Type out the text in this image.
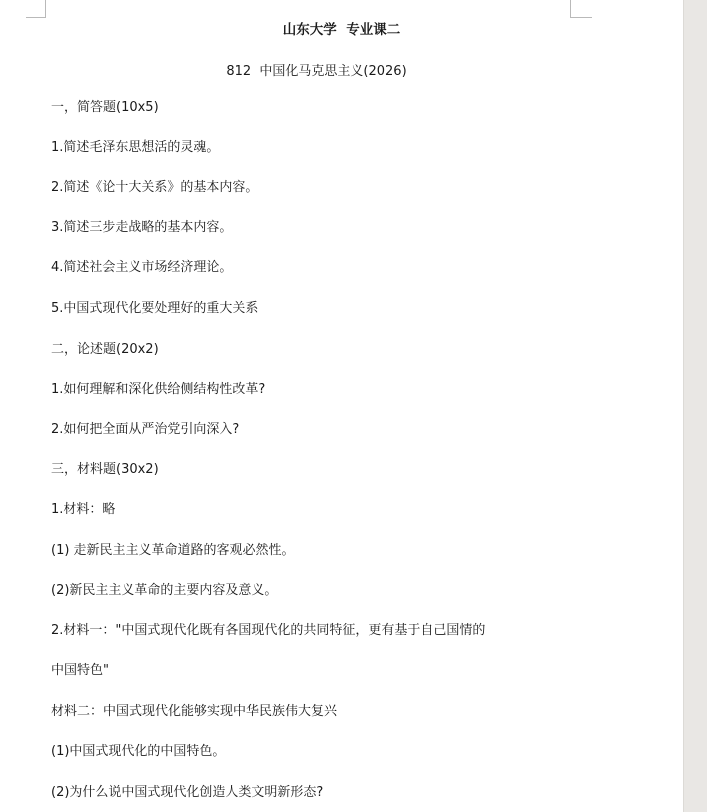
山东大学  专业课二
812  中国化马克思主义(2026)
一，简答题(10x5)
1.简述毛泽东思想活的灵魂。
2.简述《论十大关系》的基本内容。
3.简述三步走战略的基本内容。
4.简述社会主义市场经济理论。
5.中国式现代化要处理好的重大关系
二，论述题(20x2)
1.如何理解和深化供给侧结构性改革?
2.如何把全面从严治党引向深入?
三，材料题(30x2)
1.材料：略
(1) 走新民主主义革命道路的客观必然性。
(2)新民主主义革命的主要内容及意义。
2.材料一："中国式现代化既有各国现代化的共同特征，更有基于自己国情的
中国特色"
材料二：中国式现代化能够实现中华民族伟大复兴
(1)中国式现代化的中国特色。
(2)为什么说中国式现代化创造人类文明新形态?
